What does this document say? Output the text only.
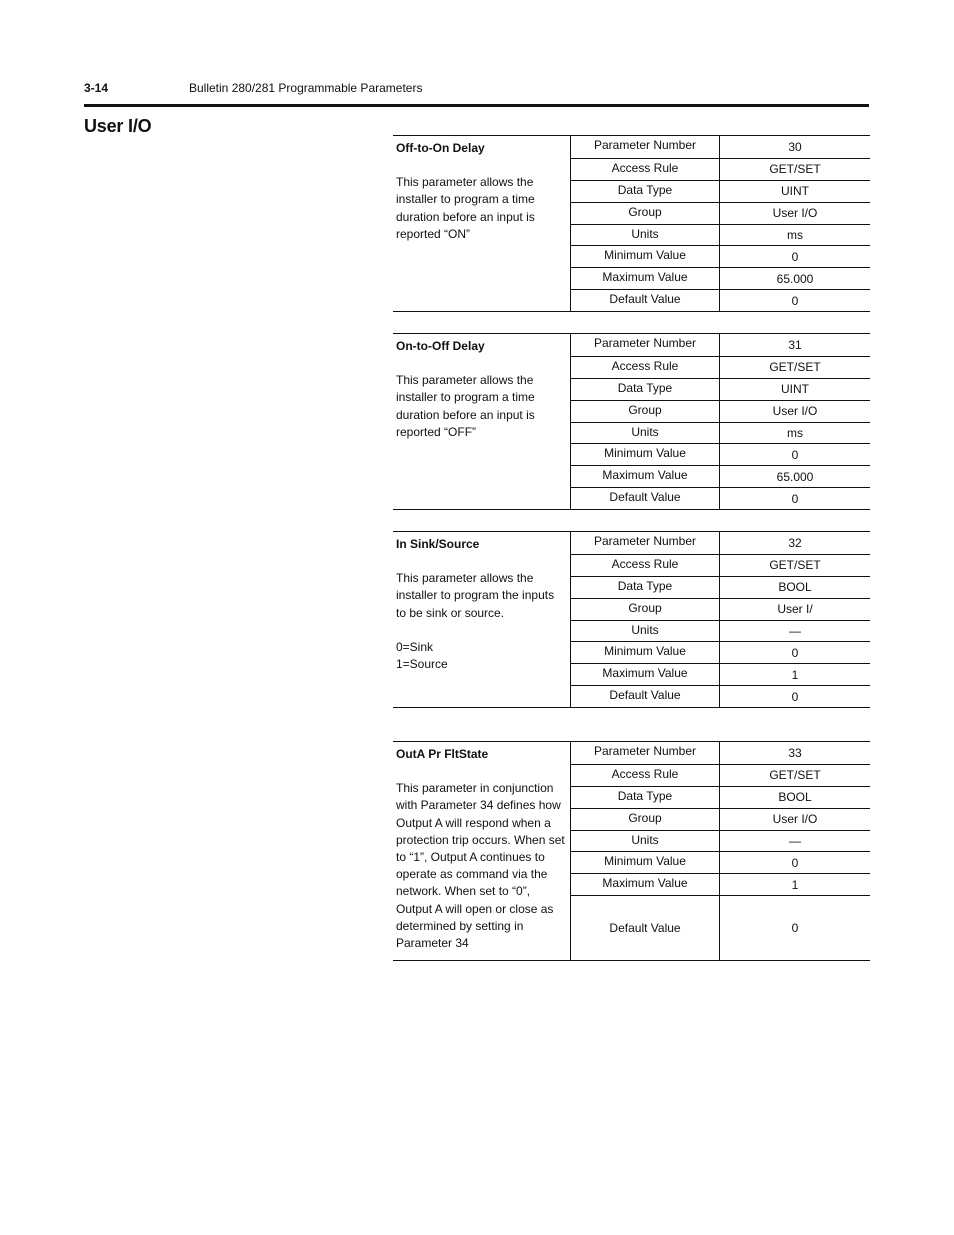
3-14	Bulletin 280/281 Programmable Parameters
User I/O
Off-to-On Delay
This parameter allows the installer to program a time duration before an input is reported “ON”
Parameter Number	30
Access Rule	GET/SET
Data Type	UINT
Group	User I/O
Units	ms
Minimum Value	0
Maximum Value	65.000
Default Value	0
On-to-Off Delay
This parameter allows the installer to program a time duration before an input is reported “OFF”
Parameter Number	31
Access Rule	GET/SET
Data Type	UINT
Group	User I/O
Units	ms
Minimum Value	0
Maximum Value	65.000
Default Value	0
In Sink/Source
This parameter allows the installer to program the inputs to be sink or source.

0=Sink
1=Source
Parameter Number	32
Access Rule	GET/SET
Data Type	BOOL
Group	User I/
Units	—
Minimum Value	0
Maximum Value	1
Default Value	0
OutA Pr FltState
This parameter in conjunction with Parameter 34 defines how Output A will respond when a protection trip occurs. When set to “1”, Output A continues to operate as command via the network. When set to “0”, Output A will open or close as determined by setting in Parameter 34
Parameter Number	33
Access Rule	GET/SET
Data Type	BOOL
Group	User I/O
Units	—
Minimum Value	0
Maximum Value	1
Default Value	0
